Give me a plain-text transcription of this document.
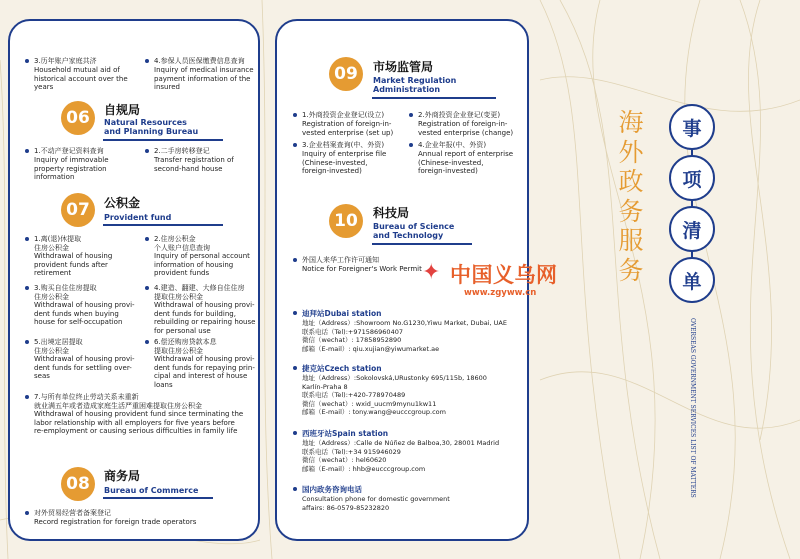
3.历年账户家庭共济
Household mutual aid of
historical account over the
years
4.参保人员医保缴费信息查询
Inquiry of medical insurance
payment information of the
insured
06	自规局
Natural Resources
and Planning Bureau
1.不动产登记资料查询
Inquiry of immovable
property registration
information
2.二手房转移登记
Transfer registration of
second-hand house
07	公积金
Provident fund
1.离(退)休提取
住房公积金
Withdrawal of housing
provident funds after
retirement
2.住房公积金
个人账户信息查询
Inquiry of personal account
information of housing
provident funds
3.购买自住住房提取
住房公积金
Withdrawal of housing provi-
dent funds when buying
house for self-occupation
4.建造、翻建、大修自住住房
提取住房公积金
Withdrawal of housing provi-
dent funds for building,
rebuilding or repairing house
for personal use
5.出境定居提取
住房公积金
Withdrawal of housing provi-
dent funds for settling over-
seas
6.偿还购房贷款本息
提取住房公积金
Withdrawal of housing provi-
dent funds for repaying prin-
cipal and interest of house
loans
7.与所有单位终止劳动关系未重新
就业满五年或者造成家庭生活严重困难提取住房公积金
Withdrawal of housing provident fund since terminating the
labor relationship with all employers for five years before
re-employment or causing serious difficulties in family life
08	商务局
Bureau of Commerce
对外贸易经营者备案登记
Record registration for foreign trade operators
09	市场监管局
Market Regulation
Administration
1.外商投资企业登记(设立)
Registration of foreign-in-
vested enterprise (set up)
2.外商投资企业登记(变更)
Registration of foreign-in-
vested enterprise (change)
3.企业档案查询(中、外资)
Inquiry of enterprise file
(Chinese-invested,
foreign-invested)
4.企业年报(中、外资)
Annual report of enterprise
(Chinese-invested,
foreign-invested)
10	科技局
Bureau of Science
and Technology
外国人来华工作许可通知
Notice for Foreigner's Work Permit
迪拜站Dubai station
地址（Address）:Showroom No.G1230,Yiwu Market, Dubai, UAE
联系电话（Tel):+971586960407
微信（wechat）: 17858952890
邮箱（E-mail）: qiu.xujian@yiwumarket.ae
捷克站Czech station
地址（Address）:Sokolovská,URustonky 695/115b, 18600
Karlín-Praha 8
联系电话（Tel):+420-778970489
微信（wechat）: wxid_uucm9mynu1kw11
邮箱（E-mail）: tony.wang@eucccgroup.com
西班牙站Spain station
地址（Address）:Calle de Núñez de Balboa,30, 28001 Madrid
联系电话（Tel):+34 915946029
微信（wechat）: hel60620
邮箱（E-mail）: hhb@eucccgroup.com
国内政务咨询电话
Consultation phone for domestic government
affairs: 86-0579-85232820
✦ 中国义乌网
www.zgyww.cn
海外政务服务
事
项
清
单
OVERSEAS GOVERNMENT SERVICES LIST OF MATTERS
